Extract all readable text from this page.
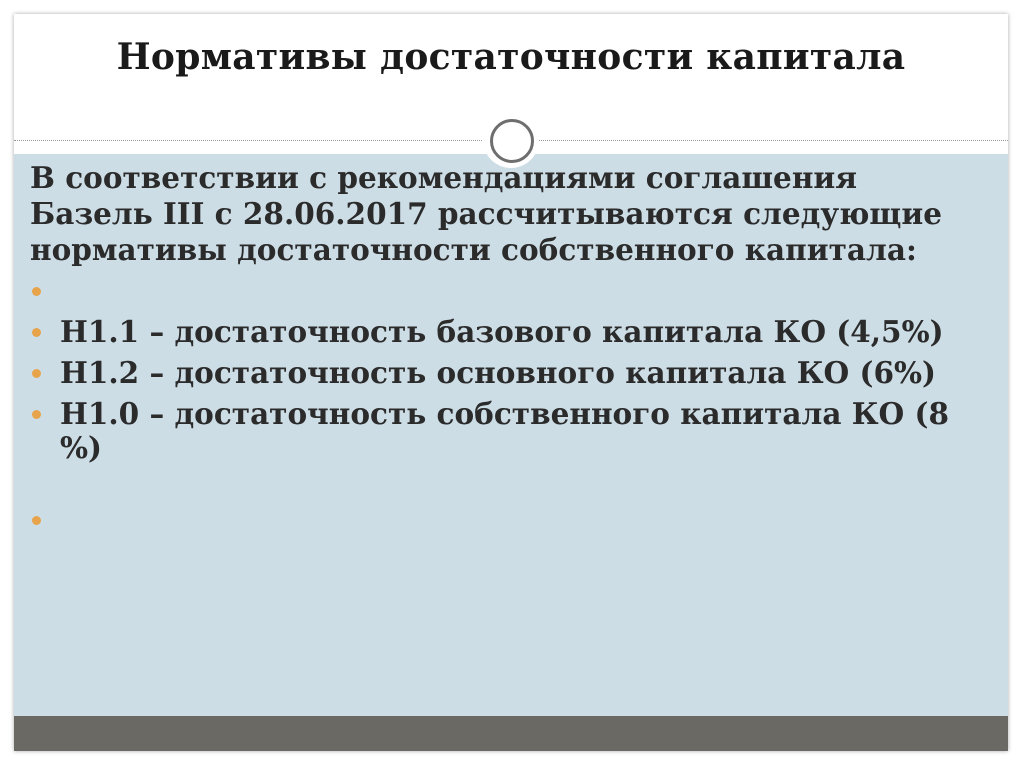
Нормативы достаточности капитала

В соответствии с рекомендациями соглашения Базель III с 28.06.2017 рассчитываются следующие нормативы достаточности собственного капитала:

Н1.1 – достаточность базового капитала КО (4,5%)
Н1.2 – достаточность основного капитала КО (6%)
Н1.0 – достаточность собственного капитала КО (8 %)
